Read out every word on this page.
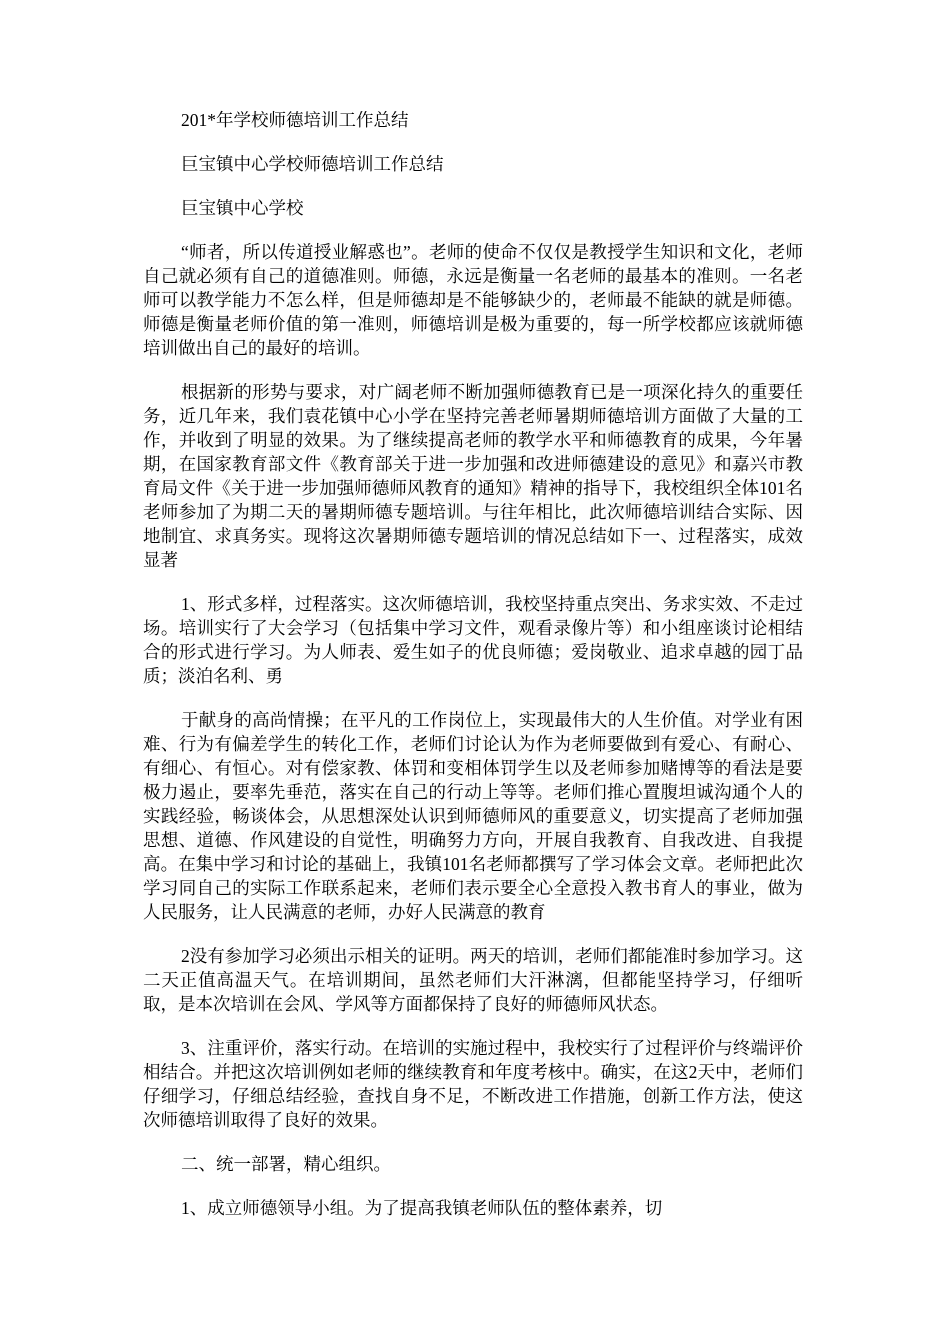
201*年学校师德培训工作总结

巨宝镇中心学校师德培训工作总结

巨宝镇中心学校

“师者，所以传道授业解惑也”。老师的使命不仅仅是教授学生知识和文化，老师自己就必须有自己的道德准则。师德，永远是衡量一名老师的最基本的准则。一名老师可以教学能力不怎么样，但是师德却是不能够缺少的，老师最不能缺的就是师德。师德是衡量老师价值的第一准则，师德培训是极为重要的，每一所学校都应该就师德培训做出自己的最好的培训。

根据新的形势与要求，对广阔老师不断加强师德教育已是一项深化持久的重要任务，近几年来，我们袁花镇中心小学在坚持完善老师暑期师德培训方面做了大量的工作，并收到了明显的效果。为了继续提高老师的教学水平和师德教育的成果，今年暑期，在国家教育部文件《教育部关于进一步加强和改进师德建设的意见》和嘉兴市教育局文件《关于进一步加强师德师风教育的通知》精神的指导下，我校组织全体101名老师参加了为期二天的暑期师德专题培训。与往年相比，此次师德培训结合实际、因地制宜、求真务实。现将这次暑期师德专题培训的情况总结如下一、过程落实，成效显著

1、形式多样，过程落实。这次师德培训，我校坚持重点突出、务求实效、不走过场。培训实行了大会学习（包括集中学习文件，观看录像片等）和小组座谈讨论相结合的形式进行学习。为人师表、爱生如子的优良师德；爱岗敬业、追求卓越的园丁品质；淡泊名利、勇

于献身的高尚情操；在平凡的工作岗位上，实现最伟大的人生价值。对学业有困难、行为有偏差学生的转化工作，老师们讨论认为作为老师要做到有爱心、有耐心、有细心、有恒心。对有偿家教、体罚和变相体罚学生以及老师参加赌博等的看法是要极力遏止，要率先垂范，落实在自己的行动上等等。老师们推心置腹坦诚沟通个人的实践经验，畅谈体会，从思想深处认识到师德师风的重要意义，切实提高了老师加强思想、道德、作风建设的自觉性，明确努力方向，开展自我教育、自我改进、自我提高。在集中学习和讨论的基础上，我镇101名老师都撰写了学习体会文章。老师把此次学习同自己的实际工作联系起来，老师们表示要全心全意投入教书育人的事业，做为人民服务，让人民满意的老师，办好人民满意的教育

2没有参加学习必须出示相关的证明。两天的培训，老师们都能准时参加学习。这二天正值高温天气。在培训期间，虽然老师们大汗淋漓，但都能坚持学习，仔细听取，是本次培训在会风、学风等方面都保持了良好的师德师风状态。

3、注重评价，落实行动。在培训的实施过程中，我校实行了过程评价与终端评价相结合。并把这次培训例如老师的继续教育和年度考核中。确实，在这2天中，老师们仔细学习，仔细总结经验，查找自身不足，不断改进工作措施，创新工作方法，使这次师德培训取得了良好的效果。

二、统一部署，精心组织。

1、成立师德领导小组。为了提高我镇老师队伍的整体素养，切
